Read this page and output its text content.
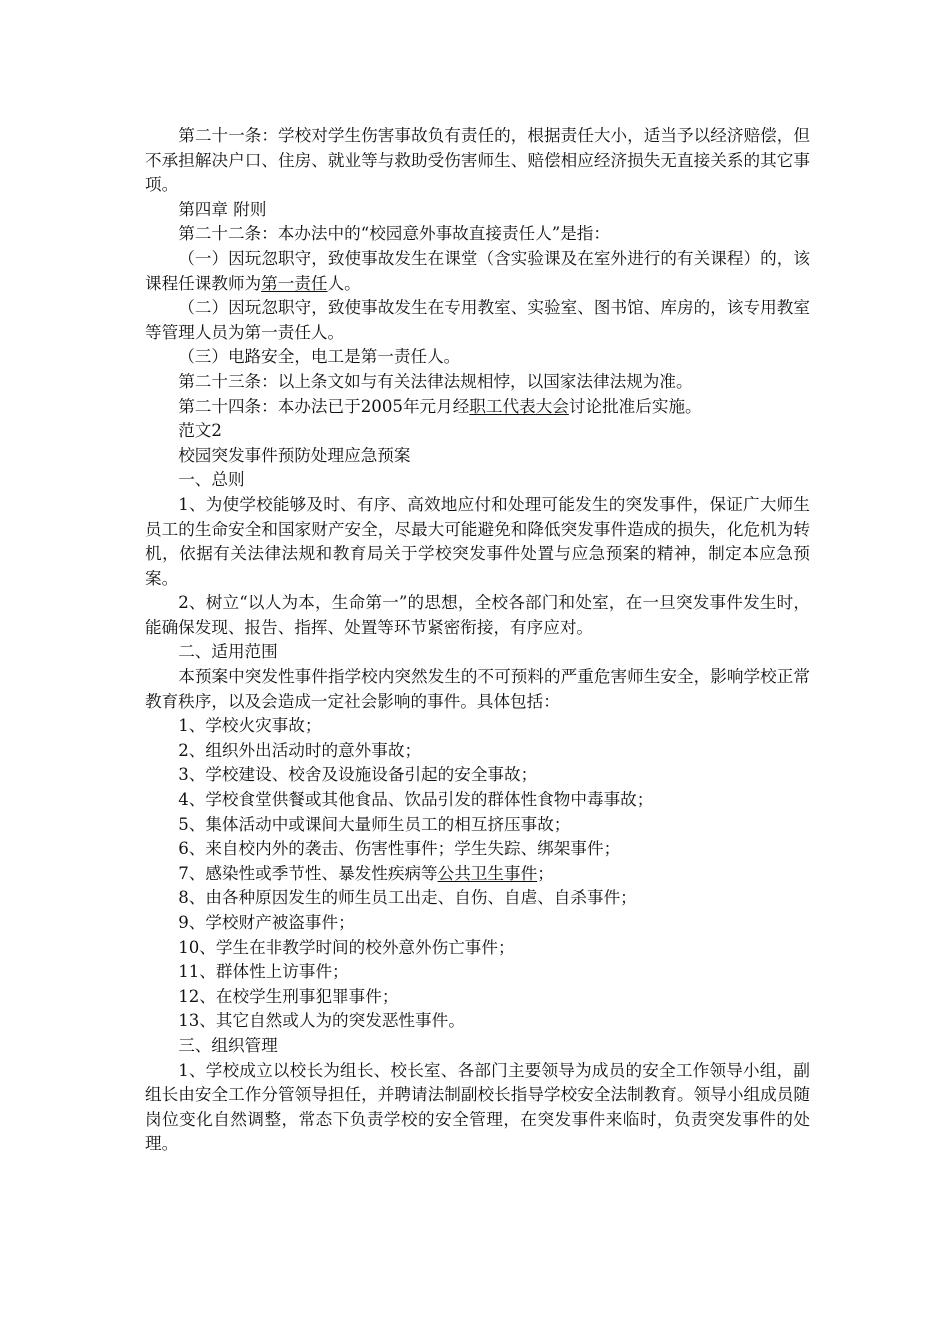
第二十一条：学校对学生伤害事故负有责任的，根据责任大小，适当予以经济赔偿，但不承担解决户口、住房、就业等与救助受伤害师生、赔偿相应经济损失无直接关系的其它事项。

第四章 附则

第二十二条：本办法中的“校园意外事故直接责任人”是指：

（一）因玩忽职守，致使事故发生在课堂（含实验课及在室外进行的有关课程）的，该课程任课教师为第一责任人。

（二）因玩忽职守，致使事故发生在专用教室、实验室、图书馆、库房的，该专用教室等管理人员为第一责任人。

（三）电路安全，电工是第一责任人。

第二十三条：以上条文如与有关法律法规相悖，以国家法律法规为准。

第二十四条：本办法已于2005年元月经职工代表大会讨论批准后实施。

范文2

校园突发事件预防处理应急预案

一、总则

1、为使学校能够及时、有序、高效地应付和处理可能发生的突发事件，保证广大师生员工的生命安全和国家财产安全，尽最大可能避免和降低突发事件造成的损失，化危机为转机，依据有关法律法规和教育局关于学校突发事件处置与应急预案的精神，制定本应急预案。

2、树立“以人为本，生命第一”的思想，全校各部门和处室，在一旦突发事件发生时，能确保发现、报告、指挥、处置等环节紧密衔接，有序应对。

二、适用范围

本预案中突发性事件指学校内突然发生的不可预料的严重危害师生安全，影响学校正常教育秩序，以及会造成一定社会影响的事件。具体包括：

1、学校火灾事故；

2、组织外出活动时的意外事故；

3、学校建设、校舍及设施设备引起的安全事故；

4、学校食堂供餐或其他食品、饮品引发的群体性食物中毒事故；

5、集体活动中或课间大量师生员工的相互挤压事故；

6、来自校内外的袭击、伤害性事件；学生失踪、绑架事件；

7、感染性或季节性、暴发性疾病等公共卫生事件；

8、由各种原因发生的师生员工出走、自伤、自虐、自杀事件；

9、学校财产被盗事件；

10、学生在非教学时间的校外意外伤亡事件；

11、群体性上访事件；

12、在校学生刑事犯罪事件；

13、其它自然或人为的突发恶性事件。

三、组织管理

1、学校成立以校长为组长、校长室、各部门主要领导为成员的安全工作领导小组，副组长由安全工作分管领导担任，并聘请法制副校长指导学校安全法制教育。领导小组成员随岗位变化自然调整，常态下负责学校的安全管理，在突发事件来临时，负责突发事件的处理。
